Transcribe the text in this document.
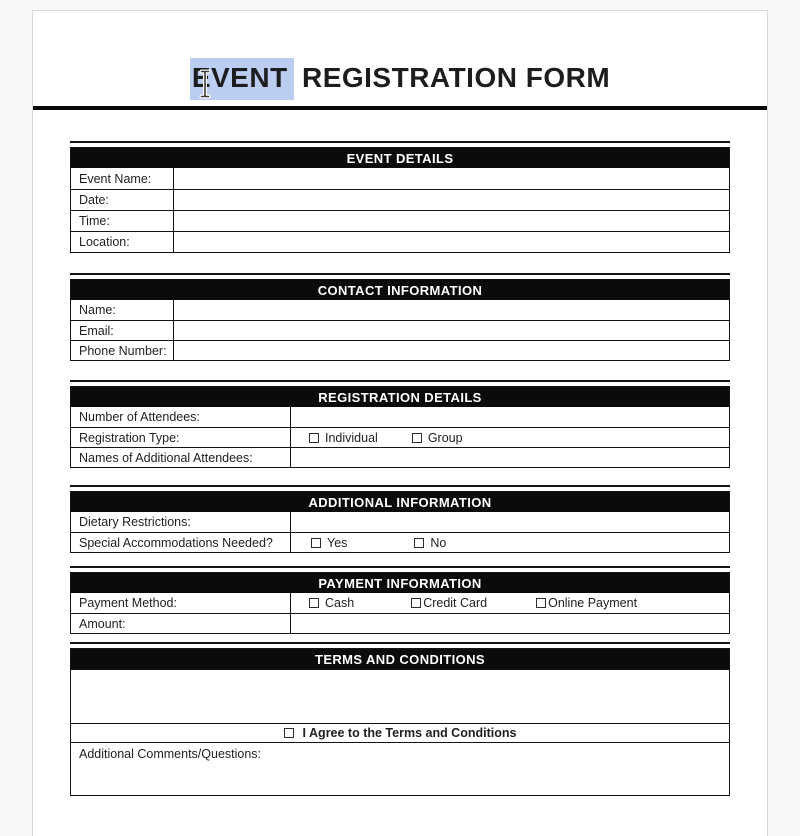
EVENT REGISTRATION FORM
EVENT DETAILS
Event Name:
Date:
Time:
Location:
CONTACT INFORMATION
Name:
Email:
Phone Number:
REGISTRATION DETAILS
Number of Attendees:
Registration Type:	Individual	Group
Names of Additional Attendees:
ADDITIONAL INFORMATION
Dietary Restrictions:
Special Accommodations Needed?	Yes	No
PAYMENT INFORMATION
Payment Method:	Cash	Credit Card	Online Payment
Amount:
TERMS AND CONDITIONS
I Agree to the Terms and Conditions
Additional Comments/Questions:
